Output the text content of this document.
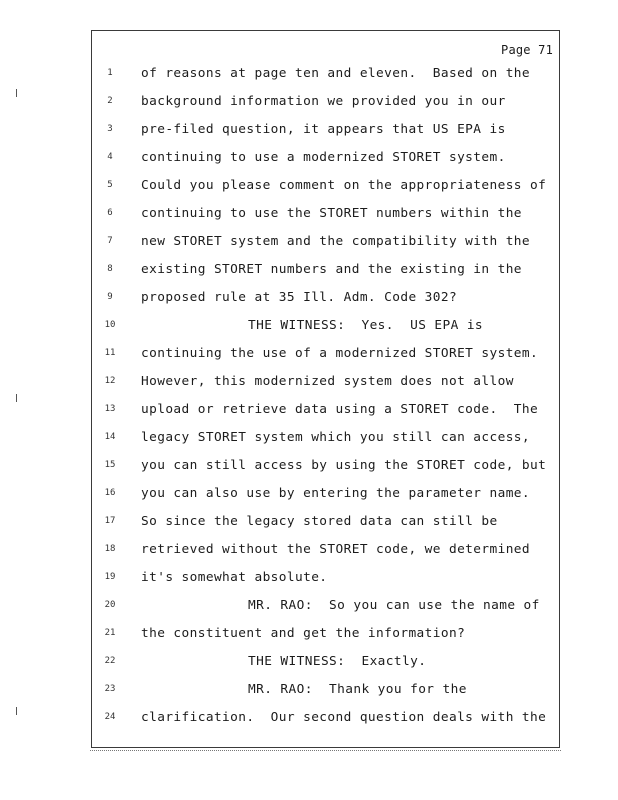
Page 71
1	of reasons at page ten and eleven.  Based on the
2	background information we provided you in our
3	pre-filed question, it appears that US EPA is
4	continuing to use a modernized STORET system.
5	Could you please comment on the appropriateness of
6	continuing to use the STORET numbers within the
7	new STORET system and the compatibility with the
8	existing STORET numbers and the existing in the
9	proposed rule at 35 Ill. Adm. Code 302?
10	THE WITNESS:  Yes.  US EPA is
11	continuing the use of a modernized STORET system.
12	However, this modernized system does not allow
13	upload or retrieve data using a STORET code.  The
14	legacy STORET system which you still can access,
15	you can still access by using the STORET code, but
16	you can also use by entering the parameter name.
17	So since the legacy stored data can still be
18	retrieved without the STORET code, we determined
19	it's somewhat absolute.
20	MR. RAO:  So you can use the name of
21	the constituent and get the information?
22	THE WITNESS:  Exactly.
23	MR. RAO:  Thank you for the
24	clarification.  Our second question deals with the
